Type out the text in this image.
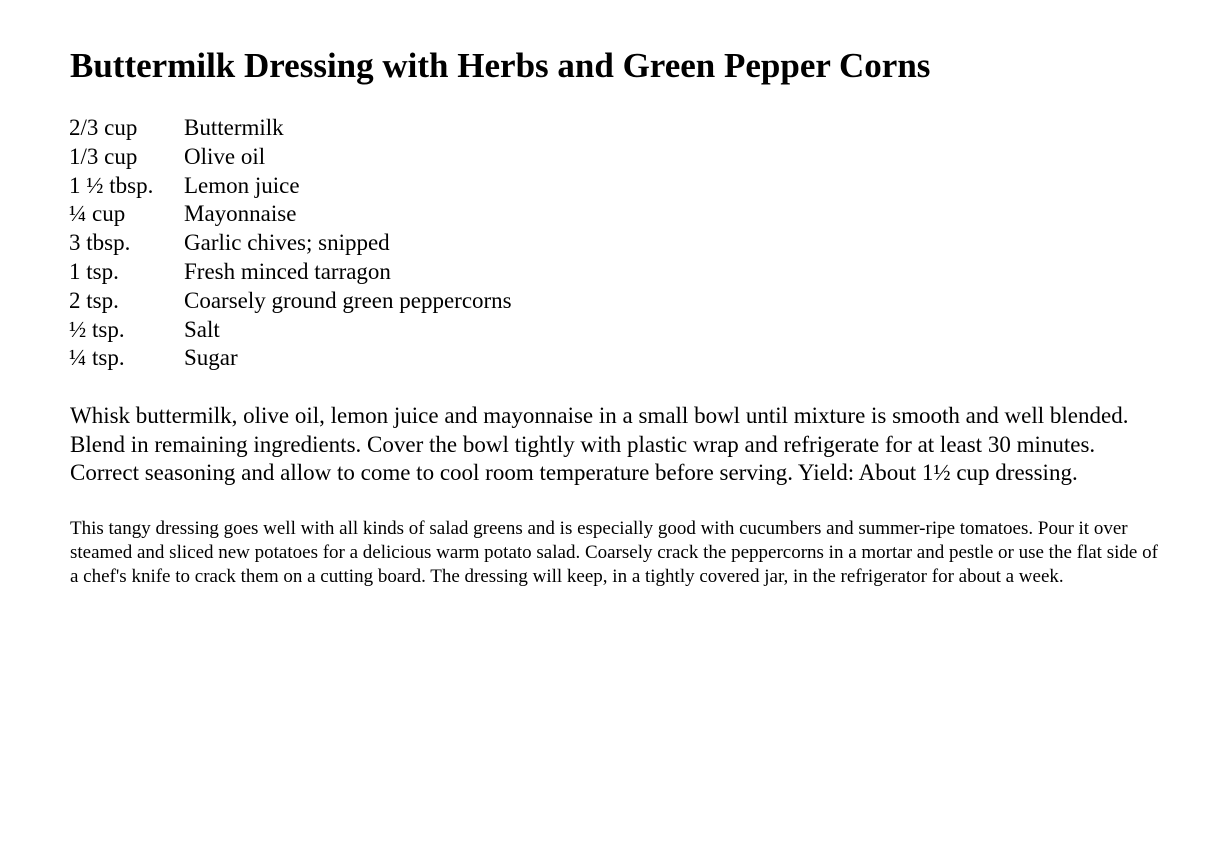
Buttermilk Dressing with Herbs and Green Pepper Corns
2/3 cup	Buttermilk
1/3 cup	Olive oil
1 ½ tbsp.	Lemon juice
¼ cup	Mayonnaise
3 tbsp.	Garlic chives; snipped
1 tsp.	Fresh minced tarragon
2 tsp.	Coarsely ground green peppercorns
½ tsp.	Salt
¼ tsp.	Sugar

Whisk buttermilk, olive oil, lemon juice and mayonnaise in a small bowl until mixture is smooth and well blended. Blend in remaining ingredients. Cover the bowl tightly with plastic wrap and refrigerate for at least 30 minutes. Correct seasoning and allow to come to cool room temperature before serving. Yield: About 1½ cup dressing.

This tangy dressing goes well with all kinds of salad greens and is especially good with cucumbers and summer-ripe tomatoes. Pour it over steamed and sliced new potatoes for a delicious warm potato salad. Coarsely crack the peppercorns in a mortar and pestle or use the flat side of a chef's knife to crack them on a cutting board. The dressing will keep, in a tightly covered jar, in the refrigerator for about a week.
